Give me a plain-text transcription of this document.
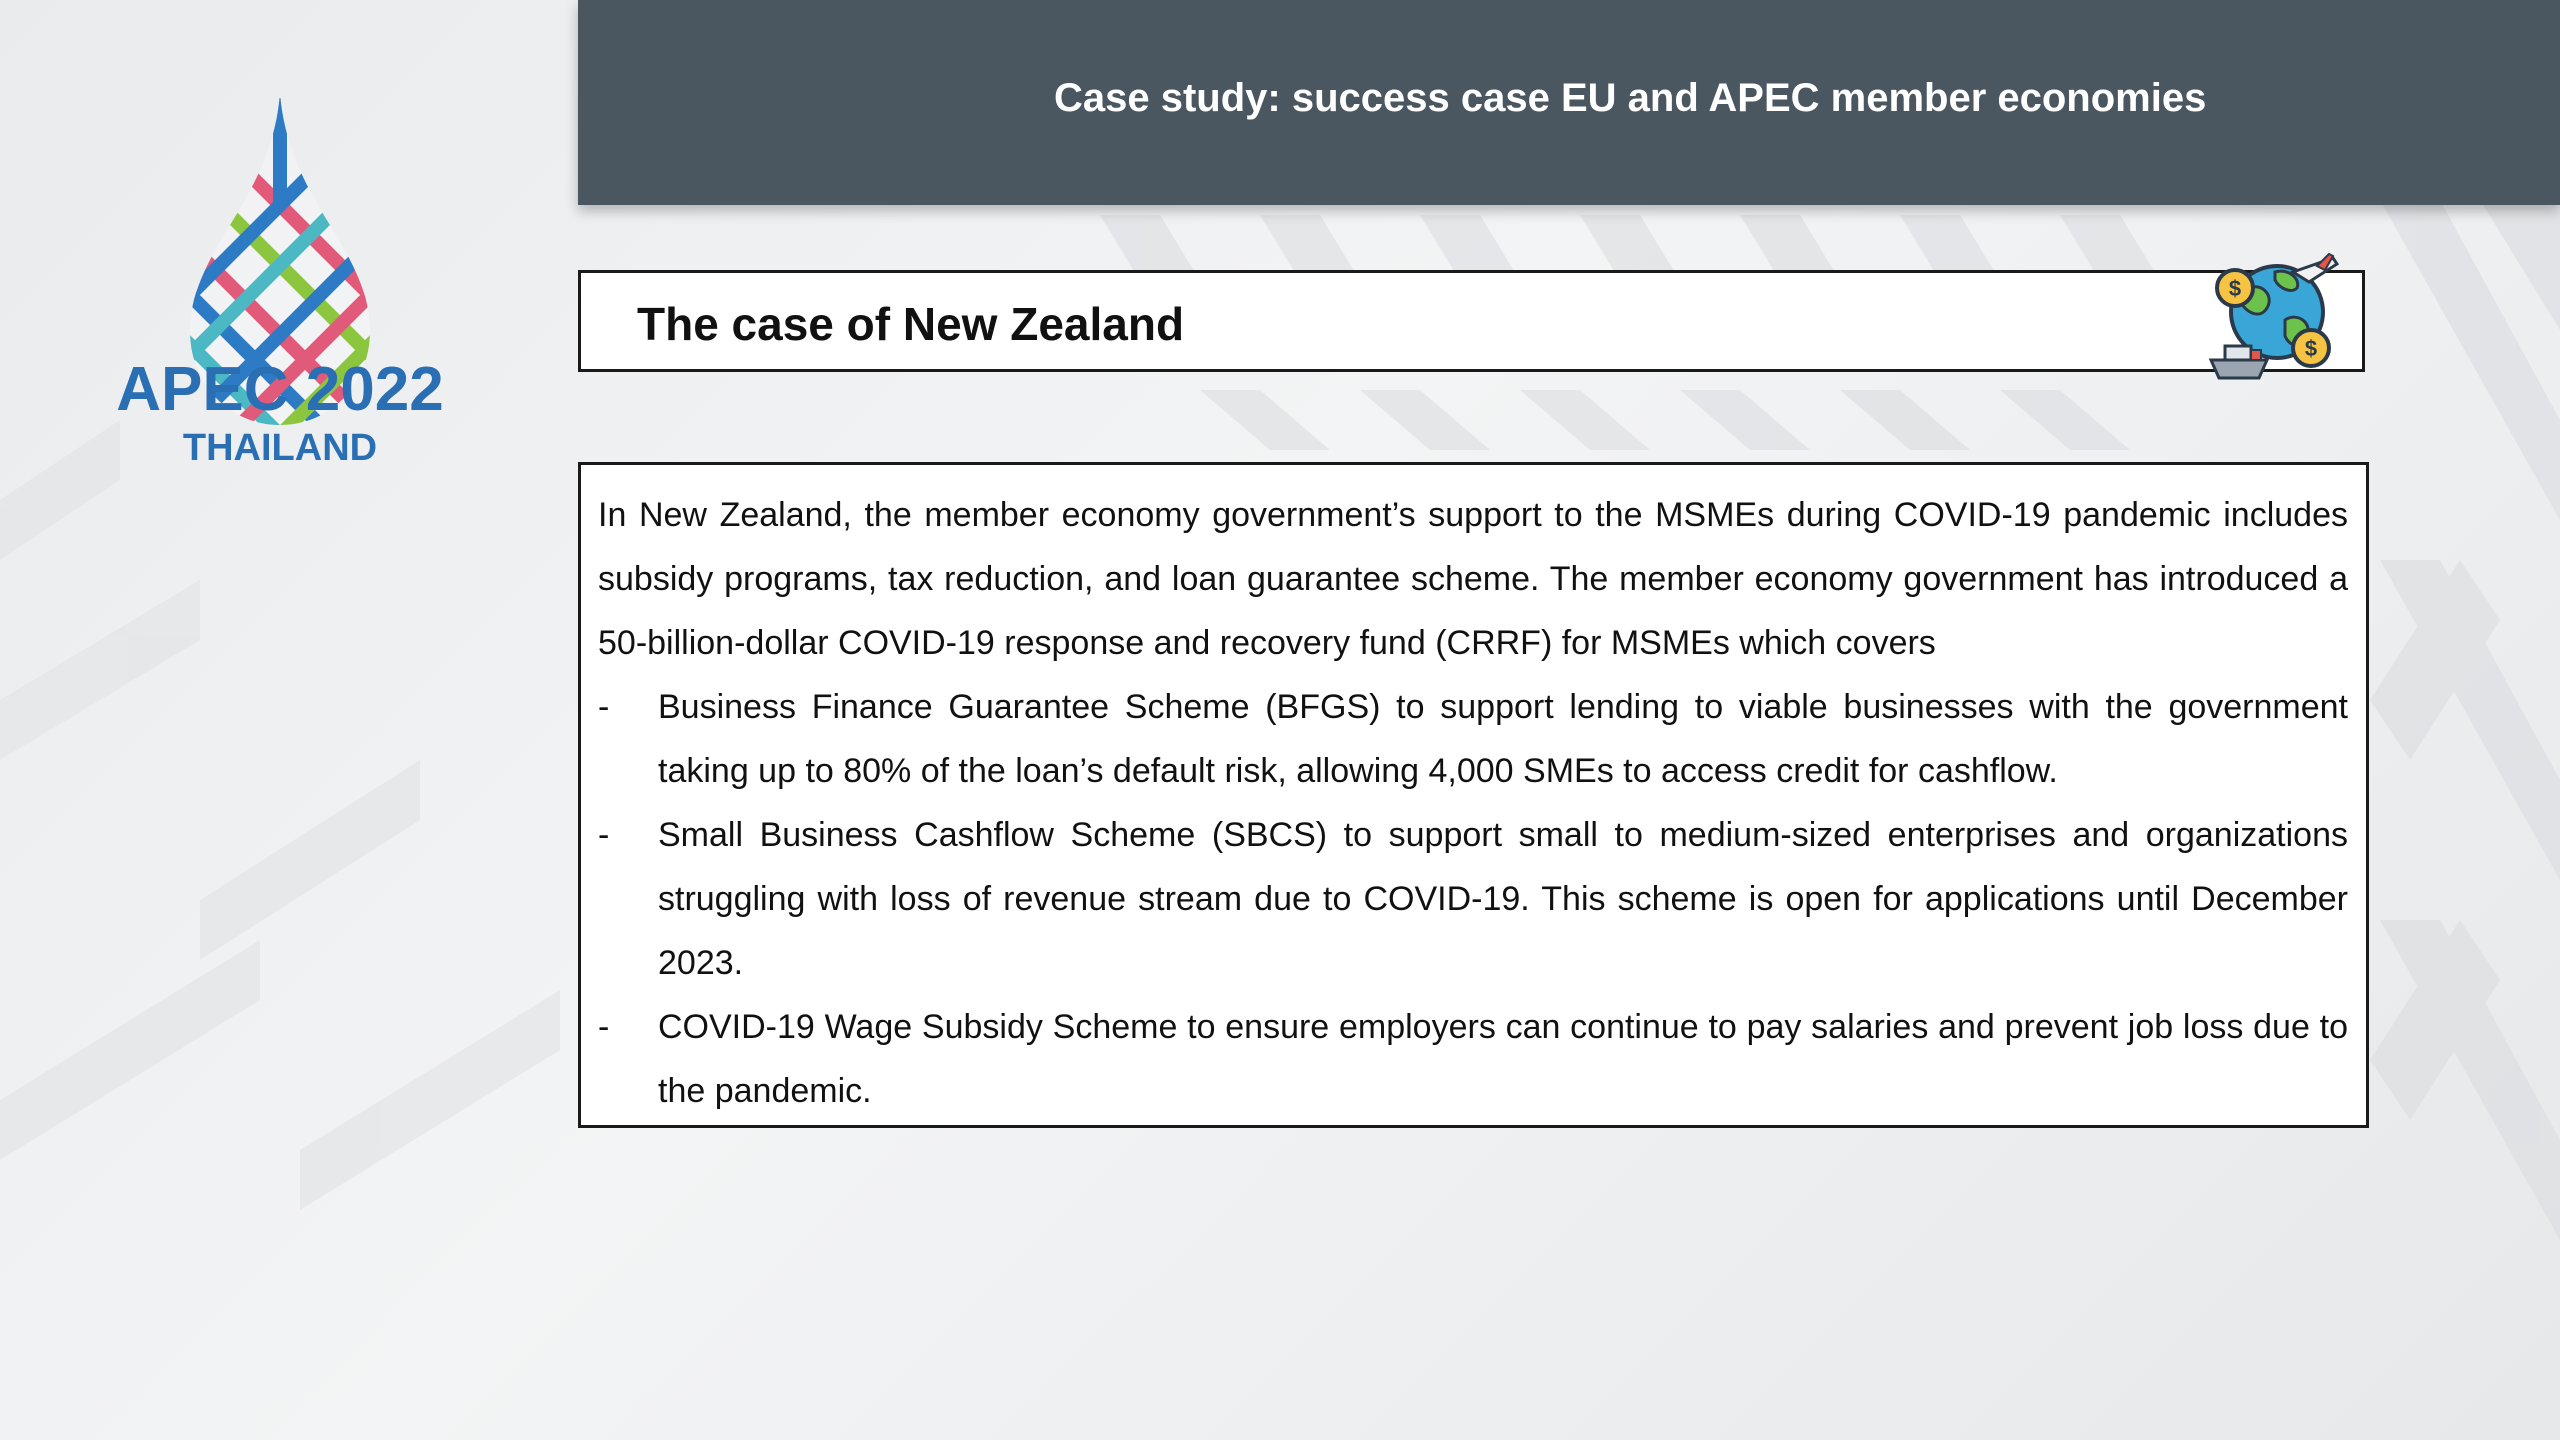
APEC 2022
THAILAND
Case study: success case EU and APEC member economies
The case of New Zealand
$
$

In New Zealand, the member economy government’s support to the MSMEs during COVID-19 pandemic includes subsidy programs, tax reduction, and loan guarantee scheme. The member economy government has introduced a 50-billion-dollar COVID-19 response and recovery fund (CRRF) for MSMEs which covers

- Business Finance Guarantee Scheme (BFGS) to support lending to viable businesses with the government taking up to 80% of the loan’s default risk, allowing 4,000 SMEs to access credit for cashflow.
- Small Business Cashflow Scheme (SBCS) to support small to medium-sized enterprises and organizations struggling with loss of revenue stream due to COVID-19. This scheme is open for applications until December 2023.
- COVID-19 Wage Subsidy Scheme to ensure employers can continue to pay salaries and prevent job loss due to the pandemic.
